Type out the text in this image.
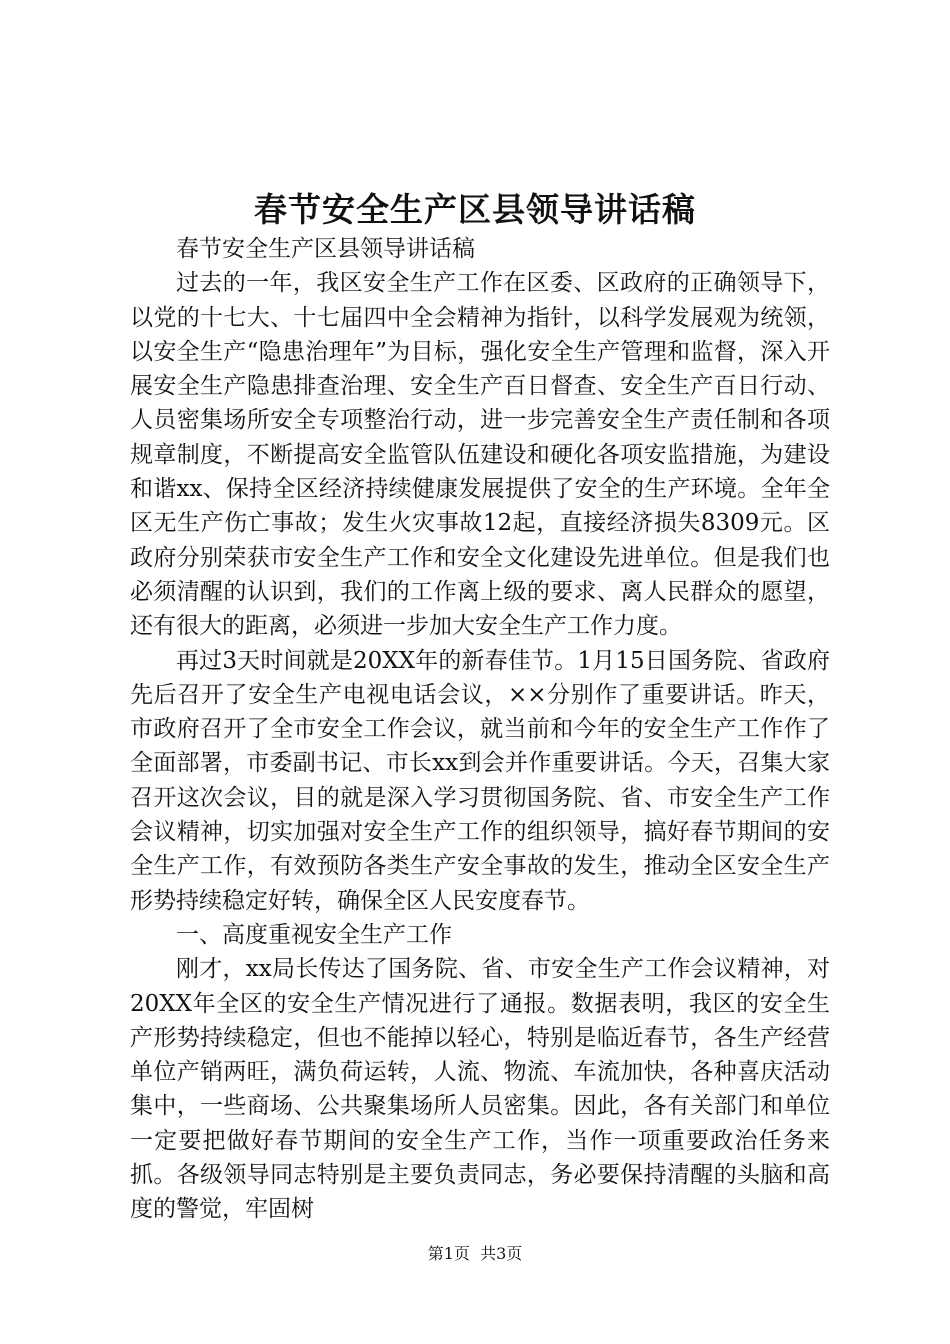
春节安全生产区县领导讲话稿

春节安全生产区县领导讲话稿

过去的一年，我区安全生产工作在区委、区政府的正确领导下，以党的十七大、十七届四中全会精神为指针，以科学发展观为统领，以安全生产“隐患治理年”为目标，强化安全生产管理和监督，深入开展安全生产隐患排查治理、安全生产百日督查、安全生产百日行动、人员密集场所安全专项整治行动，进一步完善安全生产责任制和各项规章制度，不断提高安全监管队伍建设和硬化各项安监措施，为建设和谐xx、保持全区经济持续健康发展提供了安全的生产环境。全年全区无生产伤亡事故；发生火灾事故12起，直接经济损失8309元。区政府分别荣获市安全生产工作和安全文化建设先进单位。但是我们也必须清醒的认识到，我们的工作离上级的要求、离人民群众的愿望，还有很大的距离，必须进一步加大安全生产工作力度。

再过3天时间就是20XX年的新春佳节。1月15日国务院、省政府先后召开了安全生产电视电话会议，××分别作了重要讲话。昨天，市政府召开了全市安全工作会议，就当前和今年的安全生产工作作了全面部署，市委副书记、市长xx到会并作重要讲话。今天，召集大家召开这次会议，目的就是深入学习贯彻国务院、省、市安全生产工作会议精神，切实加强对安全生产工作的组织领导，搞好春节期间的安全生产工作，有效预防各类生产安全事故的发生，推动全区安全生产形势持续稳定好转，确保全区人民安度春节。

一、高度重视安全生产工作

刚才，xx局长传达了国务院、省、市安全生产工作会议精神，对20XX年全区的安全生产情况进行了通报。数据表明，我区的安全生产形势持续稳定，但也不能掉以轻心，特别是临近春节，各生产经营单位产销两旺，满负荷运转，人流、物流、车流加快，各种喜庆活动集中，一些商场、公共聚集场所人员密集。因此，各有关部门和单位一定要把做好春节期间的安全生产工作，当作一项重要政治任务来抓。各级领导同志特别是主要负责同志，务必要保持清醒的头脑和高度的警觉，牢固树

第1页  共3页
